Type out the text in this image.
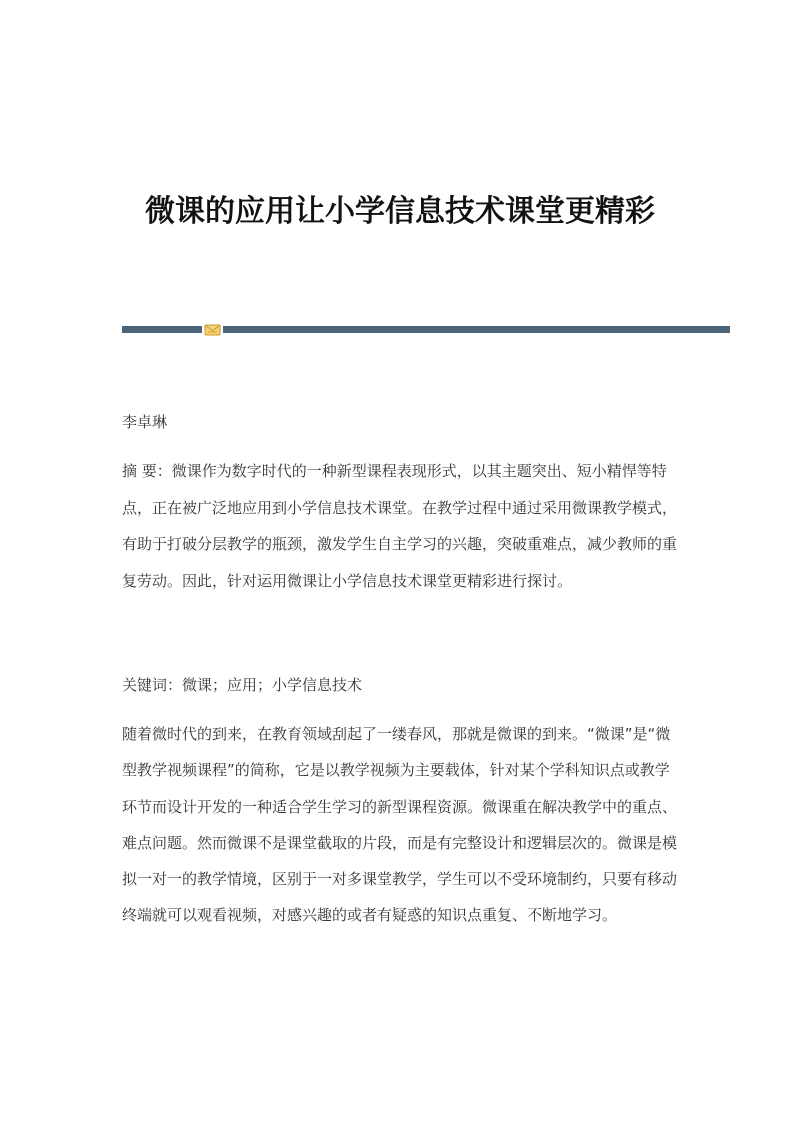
微课的应用让小学信息技术课堂更精彩

李卓琳

摘 要：微课作为数字时代的一种新型课程表现形式，以其主题突出、短小精悍等特点，正在被广泛地应用到小学信息技术课堂。在教学过程中通过采用微课教学模式，有助于打破分层教学的瓶颈，激发学生自主学习的兴趣，突破重难点，减少教师的重复劳动。因此，针对运用微课让小学信息技术课堂更精彩进行探讨。

关键词：微课；应用；小学信息技术

随着微时代的到来，在教育领域刮起了一缕春风，那就是微课的到来。“微课”是“微型教学视频课程”的简称，它是以教学视频为主要载体，针对某个学科知识点或教学环节而设计开发的一种适合学生学习的新型课程资源。微课重在解决教学中的重点、难点问题。然而微课不是课堂截取的片段，而是有完整设计和逻辑层次的。微课是模拟一对一的教学情境，区别于一对多课堂教学，学生可以不受环境制约，只要有移动终端就可以观看视频，对感兴趣的或者有疑惑的知识点重复、不断地学习。
